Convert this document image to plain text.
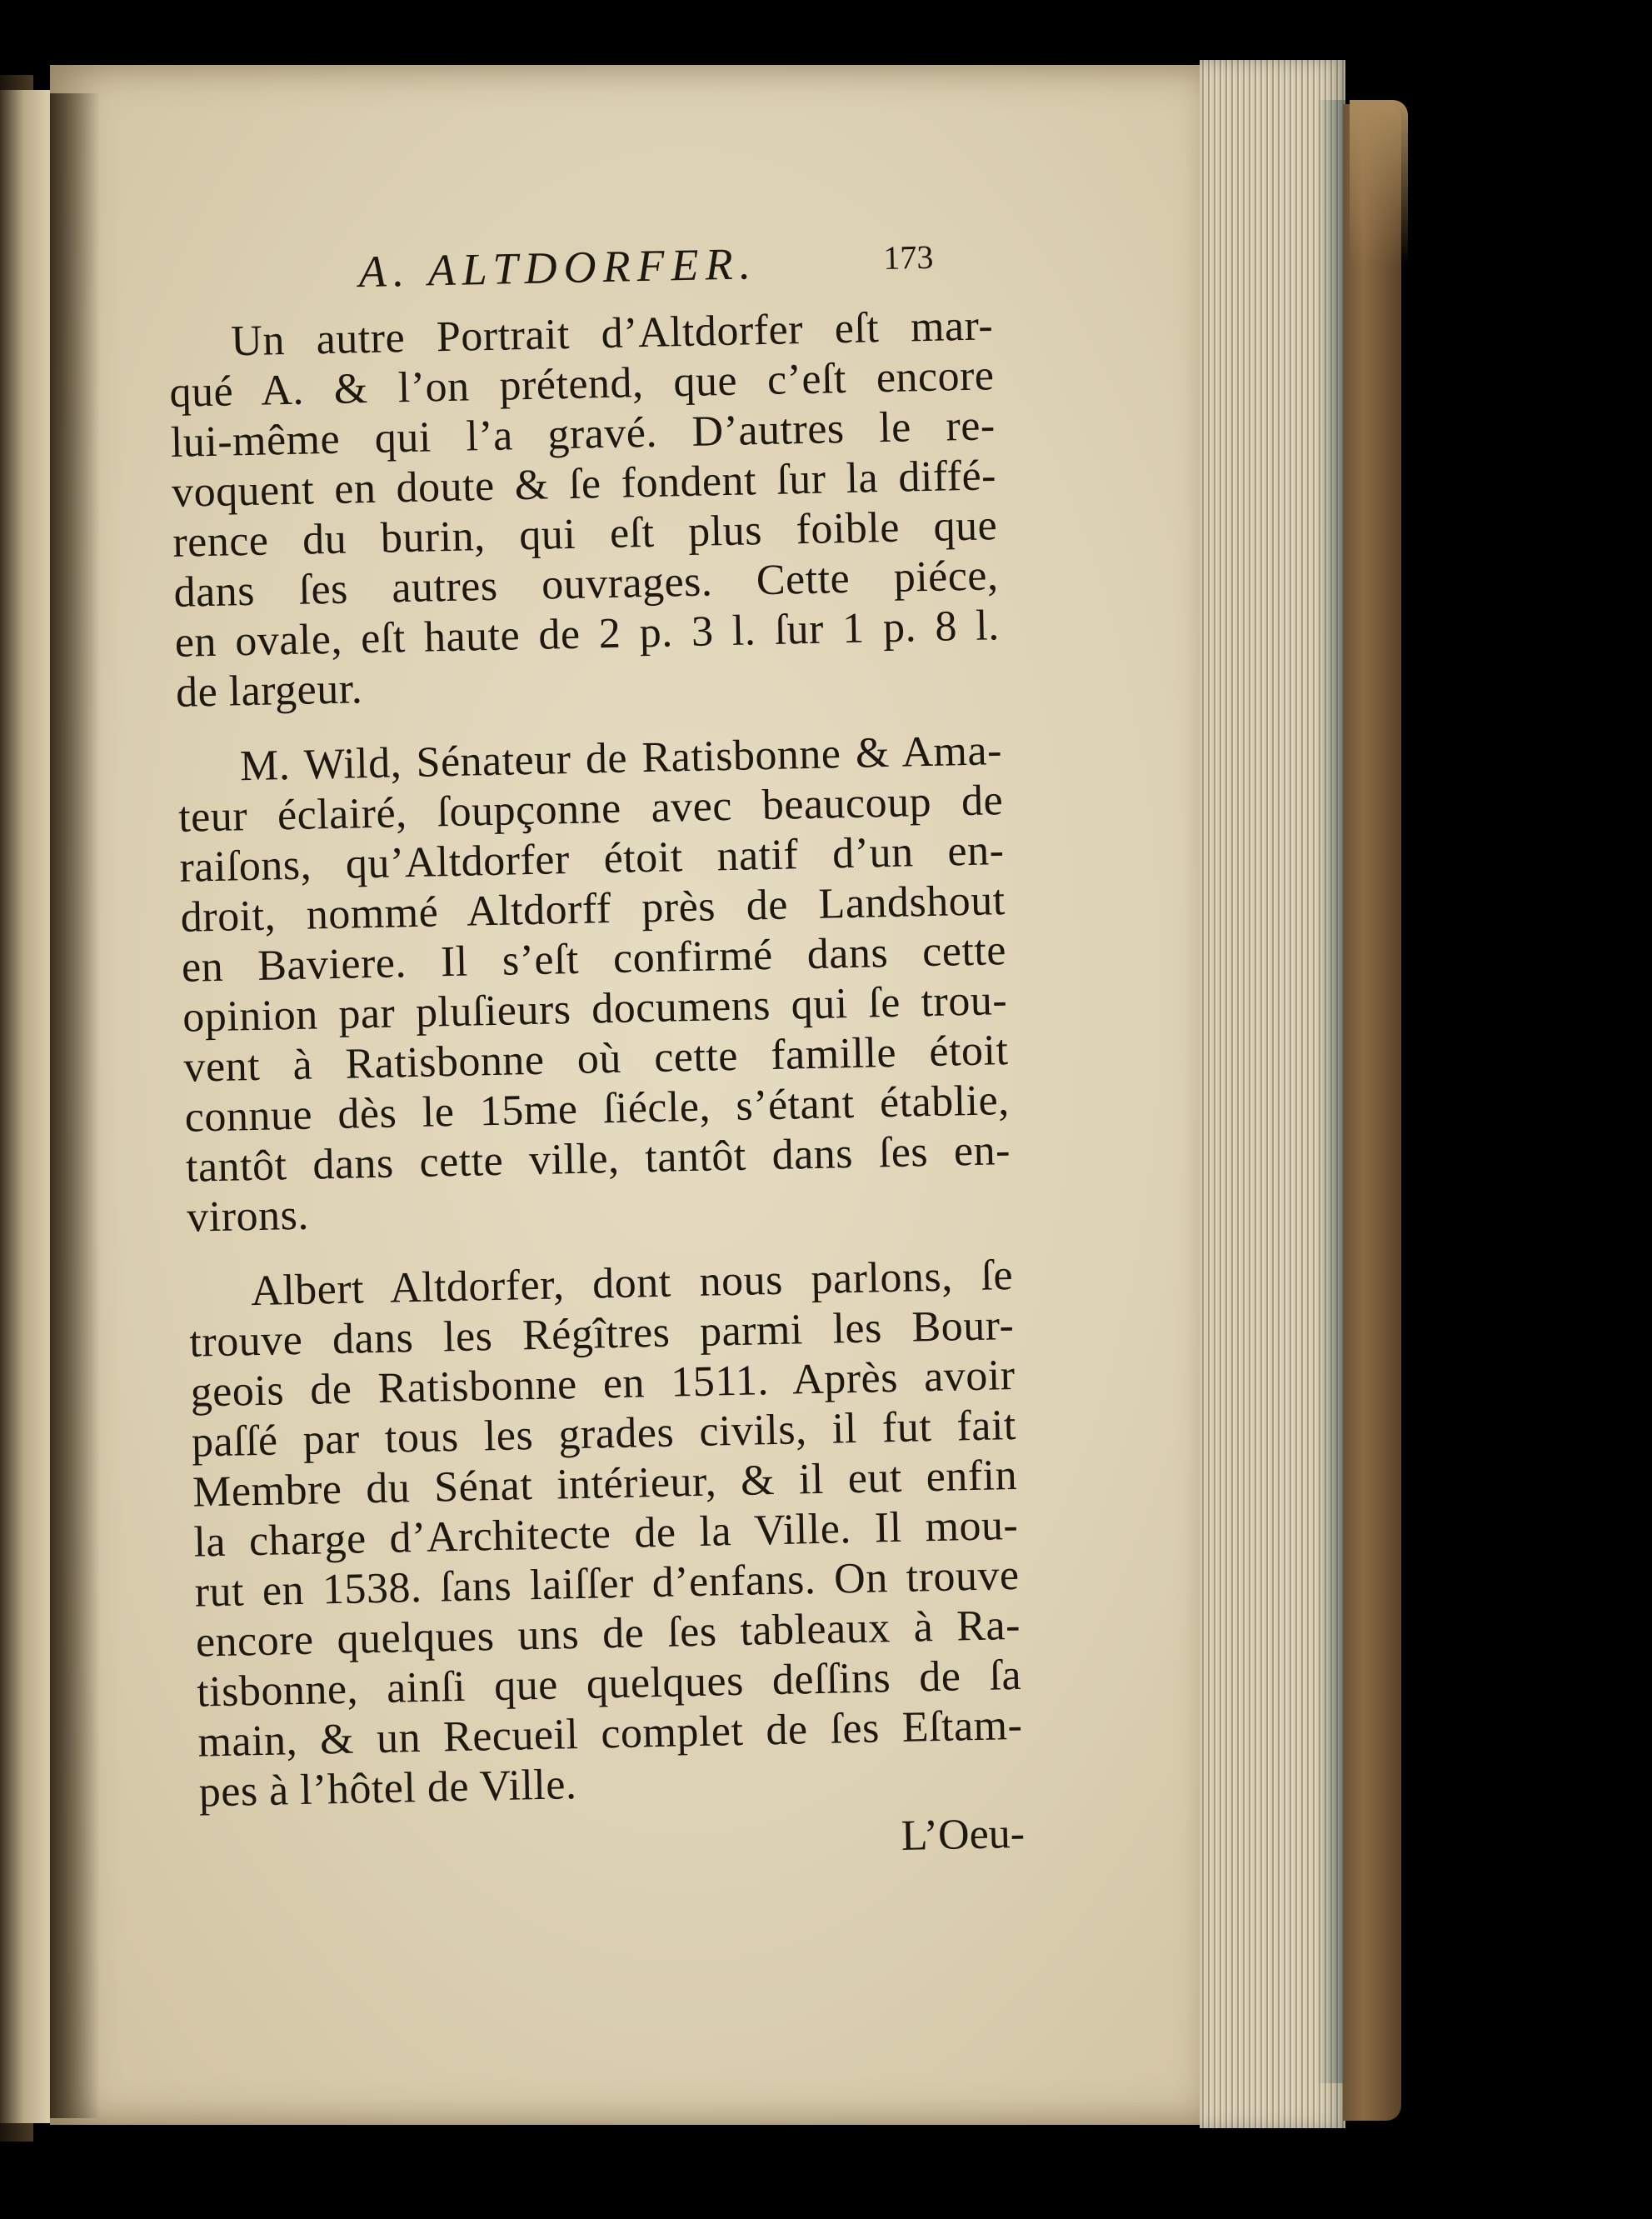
A. ALTDORFER.	173
Un autre Portrait d’Altdorfer eſt mar-
qué A. & l’on prétend, que c’eſt encore
lui-même qui l’a gravé. D’autres le re-
voquent en doute & ſe fondent ſur la diffé-
rence du burin, qui eſt plus foible que
dans ſes autres ouvrages. Cette piéce,
en ovale, eſt haute de 2 p. 3 l. ſur 1 p. 8 l.
de largeur.
M. Wild, Sénateur de Ratisbonne & Ama-
teur éclairé, ſoupçonne avec beaucoup de
raiſons, qu’Altdorfer étoit natif d’un en-
droit, nommé Altdorff près de Landshout
en Baviere. Il s’eſt confirmé dans cette
opinion par pluſieurs documens qui ſe trou-
vent à Ratisbonne où cette famille étoit
connue dès le 15me ſiécle, s’étant établie,
tantôt dans cette ville, tantôt dans ſes en-
virons.
Albert Altdorfer, dont nous parlons, ſe
trouve dans les Régîtres parmi les Bour-
geois de Ratisbonne en 1511. Après avoir
paſſé par tous les grades civils, il fut fait
Membre du Sénat intérieur, & il eut enfin
la charge d’Architecte de la Ville. Il mou-
rut en 1538. ſans laiſſer d’enfans. On trouve
encore quelques uns de ſes tableaux à Ra-
tisbonne, ainſi que quelques deſſins de ſa
main, & un Recueil complet de ſes Eſtam-
pes à l’hôtel de Ville.
L’Oeu-
